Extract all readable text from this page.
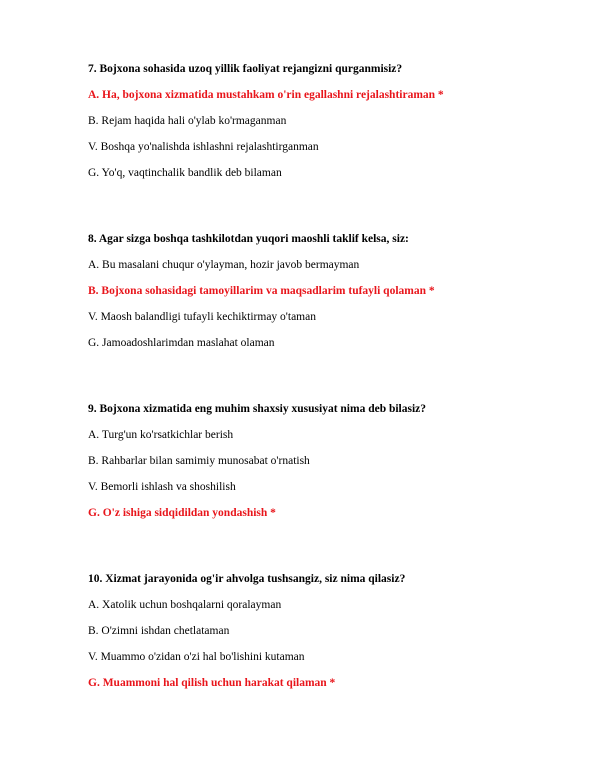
7. Bojxona sohasida uzoq yillik faoliyat rejangizni qurganmisiz?
A. Ha, bojxona xizmatida mustahkam o'rin egallashni rejalashtiraman *
B. Rejam haqida hali o'ylab ko'rmaganman
V. Boshqa yo'nalishda ishlashni rejalashtirganman
G. Yo'q, vaqtinchalik bandlik deb bilaman
8. Agar sizga boshqa tashkilotdan yuqori maoshli taklif kelsa, siz:
A. Bu masalani chuqur o'ylayman, hozir javob bermayman
B. Bojxona sohasidagi tamoyillarim va maqsadlarim tufayli qolaman *
V. Maosh balandligi tufayli kechiktirmay o'taman
G. Jamoadoshlarimdan maslahat olaman
9. Bojxona xizmatida eng muhim shaxsiy xususiyat nima deb bilasiz?
A. Turg'un ko'rsatkichlar berish
B. Rahbarlar bilan samimiy munosabat o'rnatish
V. Bemorli ishlash va shoshilish
G. O'z ishiga sidqidildan yondashish *
10. Xizmat jarayonida og'ir ahvolga tushsangiz, siz nima qilasiz?
A. Xatolik uchun boshqalarni qoralayman
B. O'zimni ishdan chetlataman
V. Muammo o'zidan o'zi hal bo'lishini kutaman
G. Muammoni hal qilish uchun harakat qilaman *
